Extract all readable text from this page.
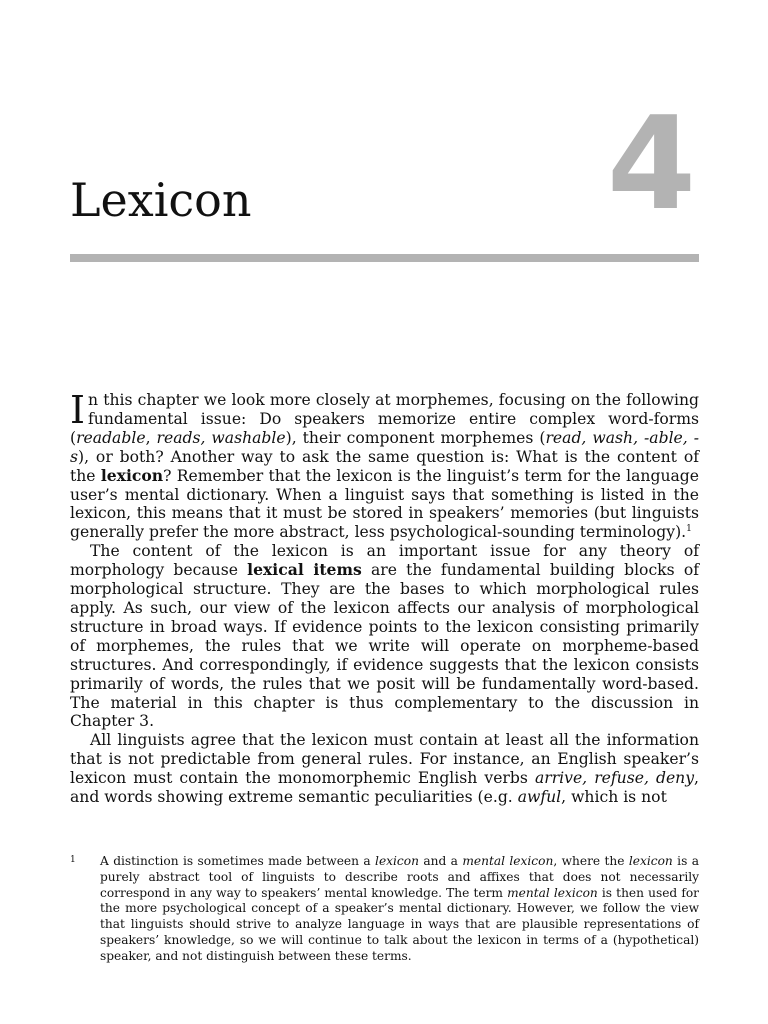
Lexicon	4

In this chapter we look more closely at morphemes, focusing on the following fundamental issue: Do speakers memorize entire complex word-forms (readable, reads, washable), their component morphemes (read, wash, -able, -s), or both? Another way to ask the same question is: What is the content of the lexicon? Remember that the lexicon is the linguist’s term for the language user’s mental dictionary. When a linguist says that something is listed in the lexicon, this means that it must be stored in speakers’ memories (but linguists generally prefer the more abstract, less psychological-sounding terminology).$^1$

The content of the lexicon is an important issue for any theory of morphology because lexical items are the fundamental building blocks of morphological structure. They are the bases to which morphological rules apply. As such, our view of the lexicon affects our analysis of morphological structure in broad ways. If evidence points to the lexicon consisting primarily of morphemes, the rules that we write will operate on morpheme-based structures. And correspondingly, if evidence suggests that the lexicon consists primarily of words, the rules that we posit will be fundamentally word-based. The material in this chapter is thus complementary to the discussion in Chapter 3.

All linguists agree that the lexicon must contain at least all the information that is not predictable from general rules. For instance, an English speaker’s lexicon must contain the monomorphemic English verbs arrive, refuse, deny, and words showing extreme semantic peculiarities (e.g. awful, which is not

1 A distinction is sometimes made between a lexicon and a mental lexicon, where the lexicon is a purely abstract tool of linguists to describe roots and affixes that does not necessarily correspond in any way to speakers’ mental knowledge. The term mental lexicon is then used for the more psychological concept of a speaker’s mental dictionary. However, we follow the view that linguists should strive to analyze language in ways that are plausible representations of speakers’ knowledge, so we will continue to talk about the lexicon in terms of a (hypothetical) speaker, and not distinguish between these terms.
